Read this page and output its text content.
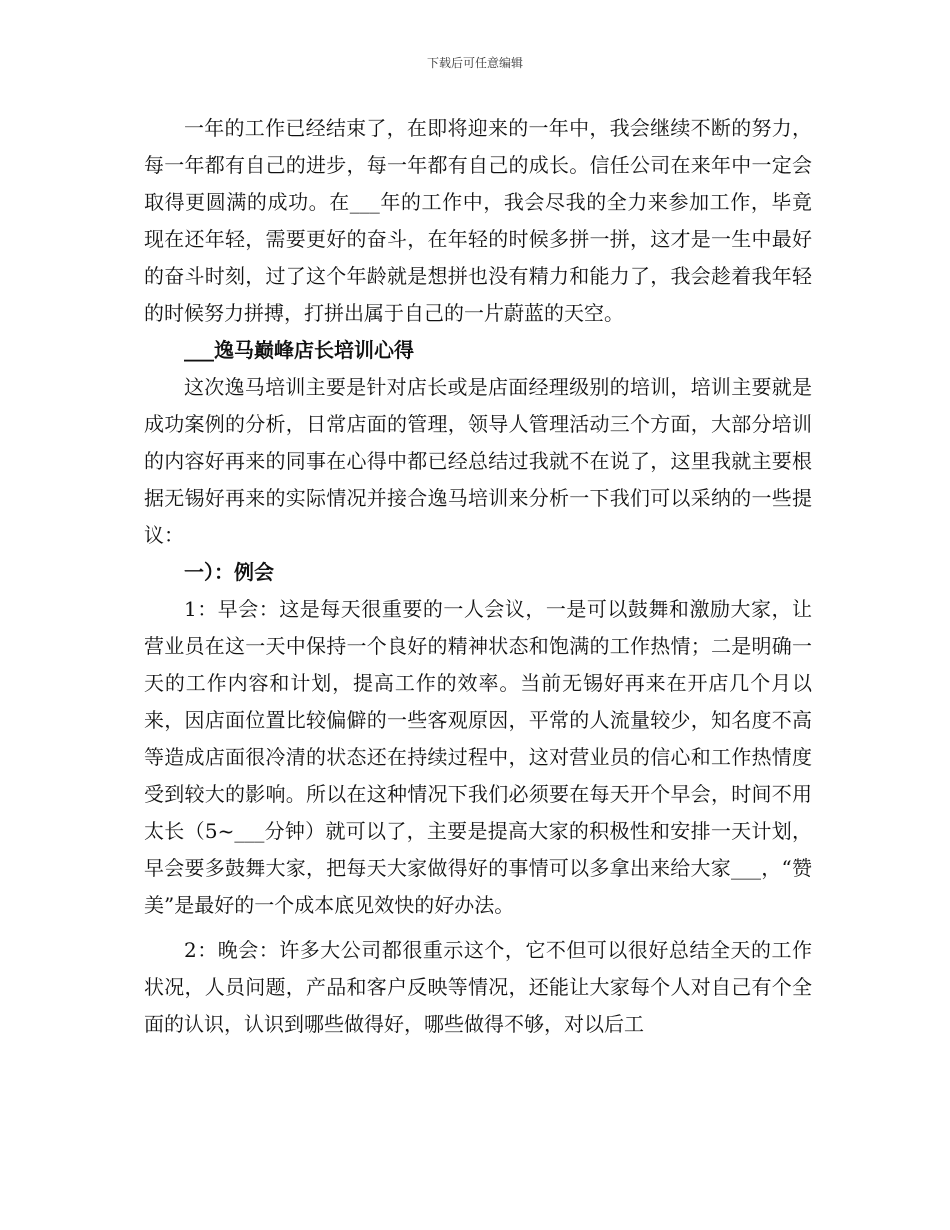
下载后可任意编辑

一年的工作已经结束了，在即将迎来的一年中，我会继续不断的努力，每一年都有自己的进步，每一年都有自己的成长。信任公司在来年中一定会取得更圆满的成功。在___年的工作中，我会尽我的全力来参加工作，毕竟现在还年轻，需要更好的奋斗，在年轻的时候多拼一拼，这才是一生中最好的奋斗时刻，过了这个年龄就是想拼也没有精力和能力了，我会趁着我年轻的时候努力拼搏，打拼出属于自己的一片蔚蓝的天空。

___逸马巅峰店长培训心得

这次逸马培训主要是针对店长或是店面经理级别的培训，培训主要就是成功案例的分析，日常店面的管理，领导人管理活动三个方面，大部分培训的内容好再来的同事在心得中都已经总结过我就不在说了，这里我就主要根据无锡好再来的实际情况并接合逸马培训来分析一下我们可以采纳的一些提议：

一）：例会

1：早会：这是每天很重要的一人会议，一是可以鼓舞和激励大家，让营业员在这一天中保持一个良好的精神状态和饱满的工作热情；二是明确一天的工作内容和计划，提高工作的效率。当前无锡好再来在开店几个月以来，因店面位置比较偏僻的一些客观原因，平常的人流量较少，知名度不高等造成店面很冷清的状态还在持续过程中，这对营业员的信心和工作热情度受到较大的影响。所以在这种情况下我们必须要在每天开个早会，时间不用太长（5~___分钟）就可以了，主要是提高大家的积极性和安排一天计划，早会要多鼓舞大家，把每天大家做得好的事情可以多拿出来给大家___，“赞美”是最好的一个成本底见效快的好办法。

2：晚会：许多大公司都很重示这个，它不但可以很好总结全天的工作状况，人员问题，产品和客户反映等情况，还能让大家每个人对自己有个全面的认识，认识到哪些做得好，哪些做得不够，对以后工
